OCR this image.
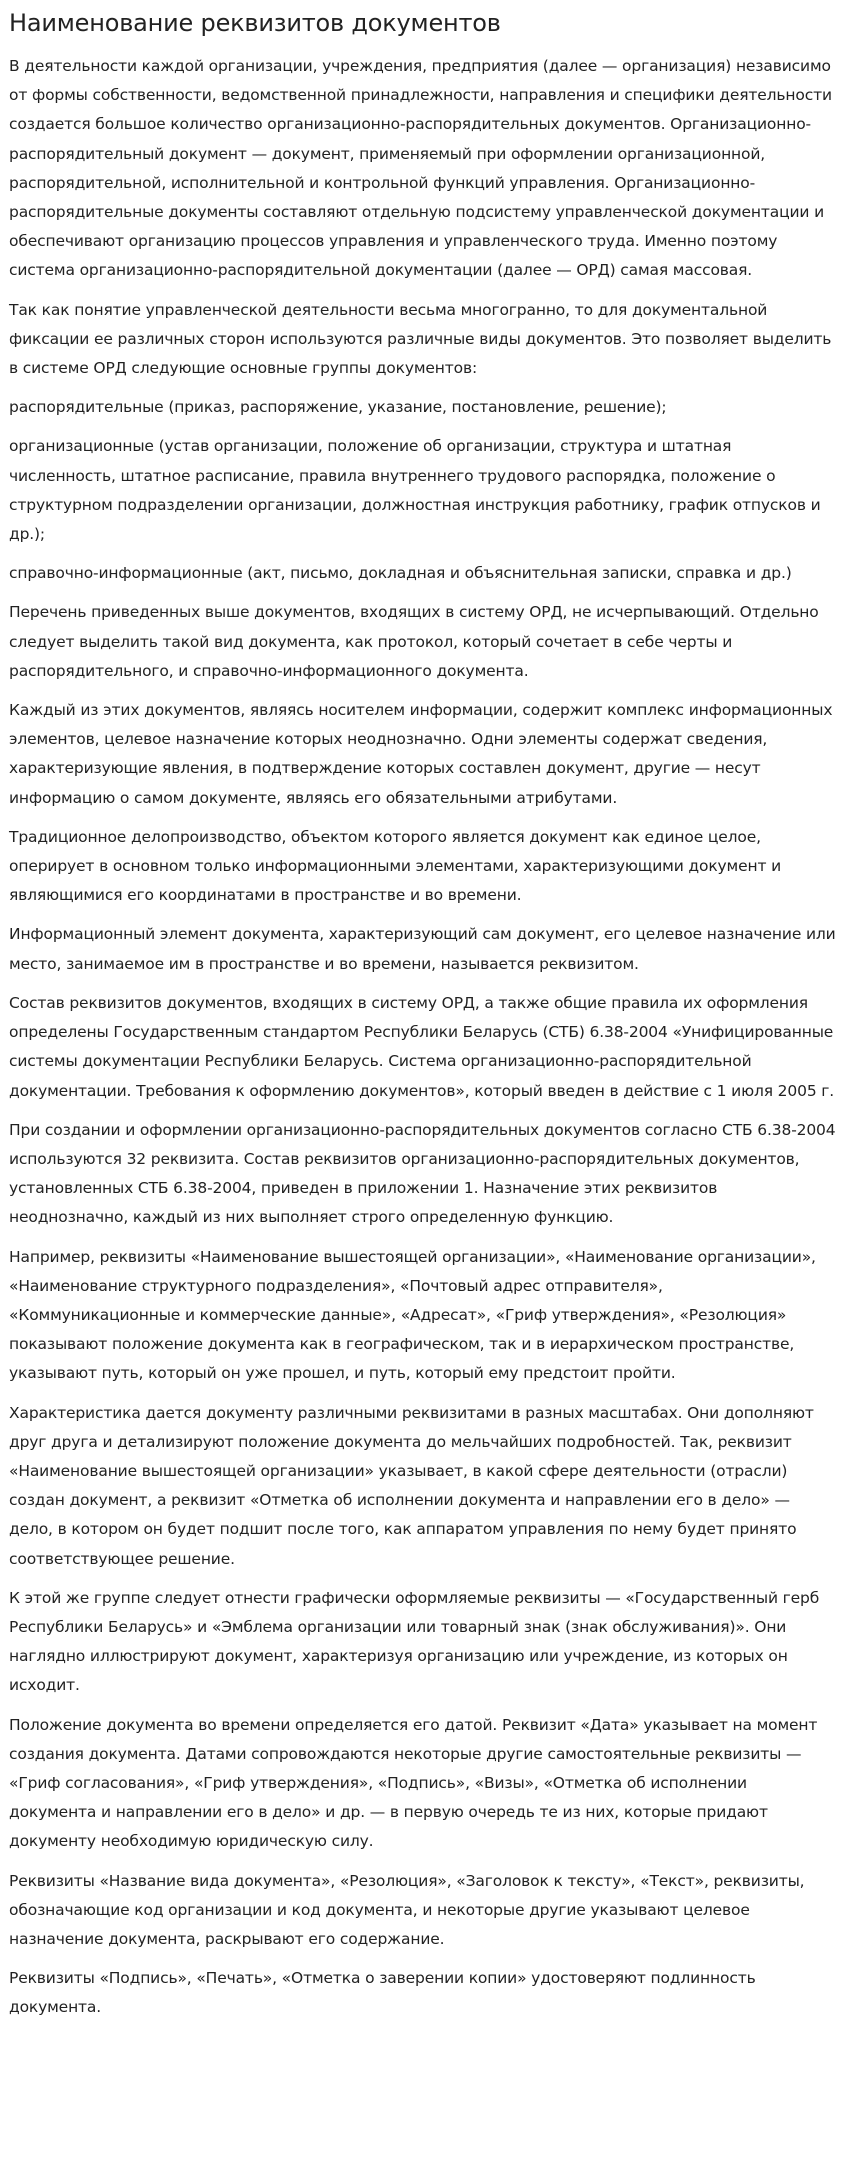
Наименование реквизитов документов

В деятельности каждой организации, учреждения, предприятия (далее — организация) независимо от формы собственности, ведомственной принадлежности, направления и специфики деятельности создается большое количество организационно-распорядительных документов. Организационно-распорядительный документ — документ, применяемый при оформлении организационной, распорядительной, исполнительной и контрольной функций управления. Организационно-распорядительные документы составляют отдельную подсистему управленческой документации и обеспечивают организацию процессов управления и управленческого труда. Именно поэтому система организационно-распорядительной документации (далее — ОРД) самая массовая.

Так как понятие управленческой деятельности весьма многогранно, то для документальной фиксации ее различных сторон используются различные виды документов. Это позволяет выделить в системе ОРД следующие основные группы документов:

распорядительные (приказ, распоряжение, указание, постановление, решение);

организационные (устав организации, положение об организации, структура и штатная численность, штатное расписание, правила внутреннего трудового распорядка, положение о структурном подразделении организации, должностная инструкция работнику, график отпусков и др.);

справочно-информационные (акт, письмо, докладная и объяснительная записки, справка и др.)

Перечень приведенных выше документов, входящих в систему ОРД, не исчерпывающий. Отдельно следует выделить такой вид документа, как протокол, который сочетает в себе черты и распорядительного, и справочно-информационного документа.

Каждый из этих документов, являясь носителем информации, содержит комплекс информационных элементов, целевое назначение которых неоднозначно. Одни элементы содержат сведения, характеризующие явления, в подтверждение которых составлен документ, другие — несут информацию о самом документе, являясь его обязательными атрибутами.

Традиционное делопроизводство, объектом которого является документ как единое целое, оперирует в основном только информационными элементами, характеризующими документ и являющимися его координатами в пространстве и во времени.

Информационный элемент документа, характеризующий сам документ, его целевое назначение или место, занимаемое им в пространстве и во времени, называется реквизитом.

Состав реквизитов документов, входящих в систему ОРД, а также общие правила их оформления определены Государственным стандартом Республики Беларусь (СТБ) 6.38-2004 «Унифицированные системы документации Республики Беларусь. Система организационно-распорядительной документации. Требования к оформлению документов», который введен в действие с 1 июля 2005 г.

При создании и оформлении организационно-распорядительных документов согласно СТБ 6.38-2004 используются 32 реквизита. Состав реквизитов организационно-распорядительных документов, установленных СТБ 6.38-2004, приведен в приложении 1. Назначение этих реквизитов неоднозначно, каждый из них выполняет строго определенную функцию.

Например, реквизиты «Наименование вышестоящей организации», «Наименование организации», «Наименование структурного подразделения», «Почтовый адрес отправителя», «Коммуникационные и коммерческие данные», «Адресат», «Гриф утверждения», «Резолюция» показывают положение документа как в географическом, так и в иерархическом пространстве, указывают путь, который он уже прошел, и путь, который ему предстоит пройти.

Характеристика дается документу различными реквизитами в разных масштабах. Они дополняют друг друга и детализируют положение документа до мельчайших подробностей. Так, реквизит «Наименование вышестоящей организации» указывает, в какой сфере деятельности (отрасли) создан документ, а реквизит «Отметка об исполнении документа и направлении его в дело» — дело, в котором он будет подшит после того, как аппаратом управления по нему будет принято соответствующее решение.

К этой же группе следует отнести графически оформляемые реквизиты — «Государственный герб Республики Беларусь» и «Эмблема организации или товарный знак (знак обслуживания)». Они наглядно иллюстрируют документ, характеризуя организацию или учреждение, из которых он исходит.

Положение документа во времени определяется его датой. Реквизит «Дата» указывает на момент создания документа. Датами сопровождаются некоторые другие самостоятельные реквизиты — «Гриф согласования», «Гриф утверждения», «Подпись», «Визы», «Отметка об исполнении документа и направлении его в дело» и др. — в первую очередь те из них, которые придают документу необходимую юридическую силу.

Реквизиты «Название вида документа», «Резолюция», «Заголовок к тексту», «Текст», реквизиты, обозначающие код организации и код документа, и некоторые другие указывают целевое назначение документа, раскрывают его содержание.

Реквизиты «Подпись», «Печать», «Отметка о заверении копии» удостоверяют подлинность документа.
